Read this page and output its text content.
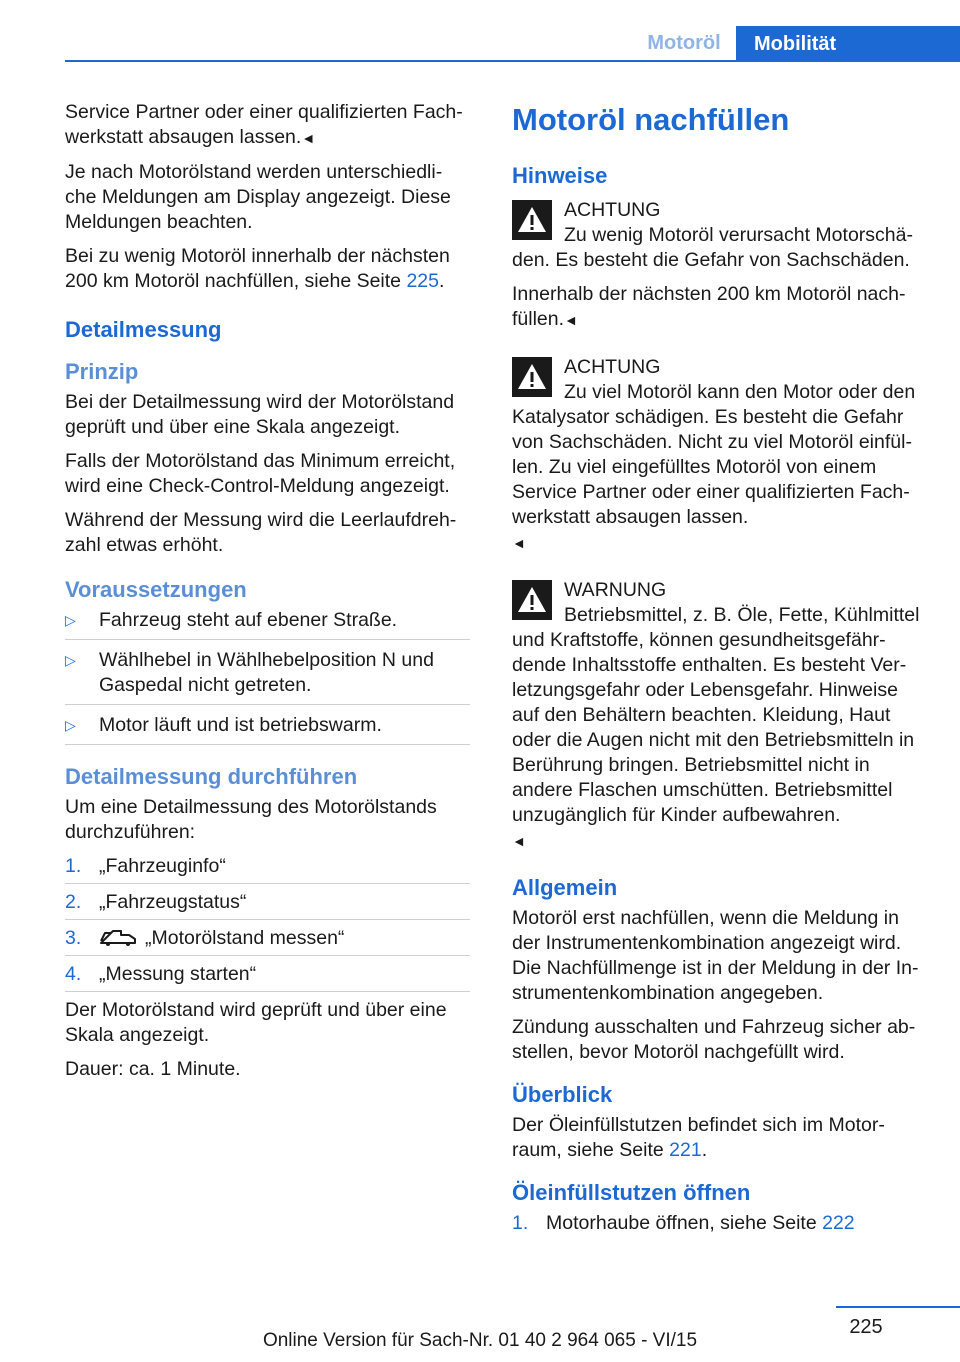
Motoröl	Mobilität

Service Partner oder einer qualifizierten Fach-werkstatt absaugen lassen.◄

Je nach Motorölstand werden unterschiedli-che Meldungen am Display angezeigt. Diese Meldungen beachten.

Bei zu wenig Motoröl innerhalb der nächsten 200 km Motoröl nachfüllen, siehe Seite 225.

Detailmessung
Prinzip

Bei der Detailmessung wird der Motorölstand geprüft und über eine Skala angezeigt.

Falls der Motorölstand das Minimum erreicht, wird eine Check-Control-Meldung angezeigt.

Während der Messung wird die Leerlaufdreh-zahl etwas erhöht.

Voraussetzungen
▷ Fahrzeug steht auf ebener Straße.
▷ Wählhebel in Wählhebelposition N und Gaspedal nicht getreten.
▷ Motor läuft und ist betriebswarm.
Detailmessung durchführen

Um eine Detailmessung des Motorölstands durchzuführen:

1. „Fahrzeuginfo“
2. „Fahrzeugstatus“
3.	„Motorölstand messen“
4. „Messung starten“

Der Motorölstand wird geprüft und über eine Skala angezeigt.

Dauer: ca. 1 Minute.

Motoröl nachfüllen
Hinweise
ACHTUNG

Zu wenig Motoröl verursacht Motorschä-den. Es besteht die Gefahr von Sachschäden.

Innerhalb der nächsten 200 km Motoröl nach-füllen.◄

ACHTUNG

Zu viel Motoröl kann den Motor oder den Katalysator schädigen. Es besteht die Gefahr von Sachschäden. Nicht zu viel Motoröl einfül-len. Zu viel eingefülltes Motoröl von einem Service Partner oder einer qualifizierten Fach-werkstatt absaugen lassen.
◄

WARNUNG

Betriebsmittel, z. B. Öle, Fette, Kühlmittel und Kraftstoffe, können gesundheitsgefähr-dende Inhaltsstoffe enthalten. Es besteht Ver-letzungsgefahr oder Lebensgefahr. Hinweise auf den Behältern beachten. Kleidung, Haut oder die Augen nicht mit den Betriebsmitteln in Berührung bringen. Betriebsmittel nicht in andere Flaschen umschütten. Betriebsmittel unzugänglich für Kinder aufbewahren.
◄

Allgemein

Motoröl erst nachfüllen, wenn die Meldung in der Instrumentenkombination angezeigt wird. Die Nachfüllmenge ist in der Meldung in der In-strumentenkombination angegeben.

Zündung ausschalten und Fahrzeug sicher ab-stellen, bevor Motoröl nachgefüllt wird.

Überblick

Der Öleinfüllstutzen befindet sich im Motor-raum, siehe Seite 221.

Öleinfüllstutzen öffnen
1. Motorhaube öffnen, siehe Seite 222
225
Online Version für Sach-Nr. 01 40 2 964 065 - VI/15
